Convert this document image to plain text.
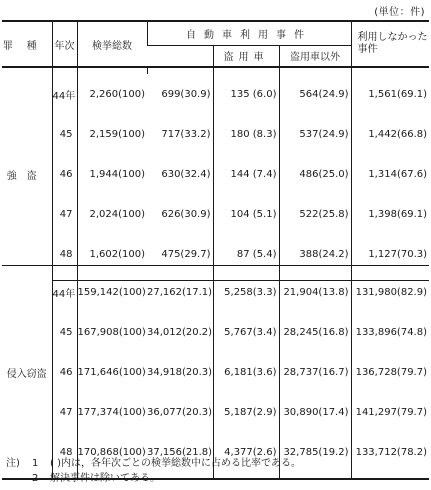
(単位：件)
罪種	年次	検挙総数	自動車利用事件			利用しなかった事件
				盗用車	盗用車以外	
強盗						
	44年	2,260(100)	699(30.9)	135 (6.0)	564(24.9)	1,561(69.1)
	45	2,159(100)	717(33.2)	180 (8.3)	537(24.9)	1,442(66.8)
	46	1,944(100)	630(32.4)	144 (7.4)	486(25.0)	1,314(67.6)
	47	2,024(100)	626(30.9)	104 (5.1)	522(25.8)	1,398(69.1)
	48	1,602(100)	475(29.7)	87 (5.4)	388(24.2)	1,127(70.3)

侵入窃盗						
	44年	159,142(100)	27,162(17.1)	5,258(3.3)	21,904(13.8)	131,980(82.9)
	45	167,908(100)	34,012(20.2)	5,767(3.4)	28,245(16.8)	133,896(74.8)
	46	171,646(100)	34,918(20.3)	6,181(3.6)	28,737(16.7)	136,728(79.7)
	47	177,374(100)	36,077(20.3)	5,187(2.9)	30,890(17.4)	141,297(79.7)
	48	170,868(100)	37,156(21.8)	4,377(2.6)	32,785(19.2)	133,712(78.2)

注)	1	( )内は，各年次ごとの検挙総数中に占める比率である。
2	解決事件は除いてある。
